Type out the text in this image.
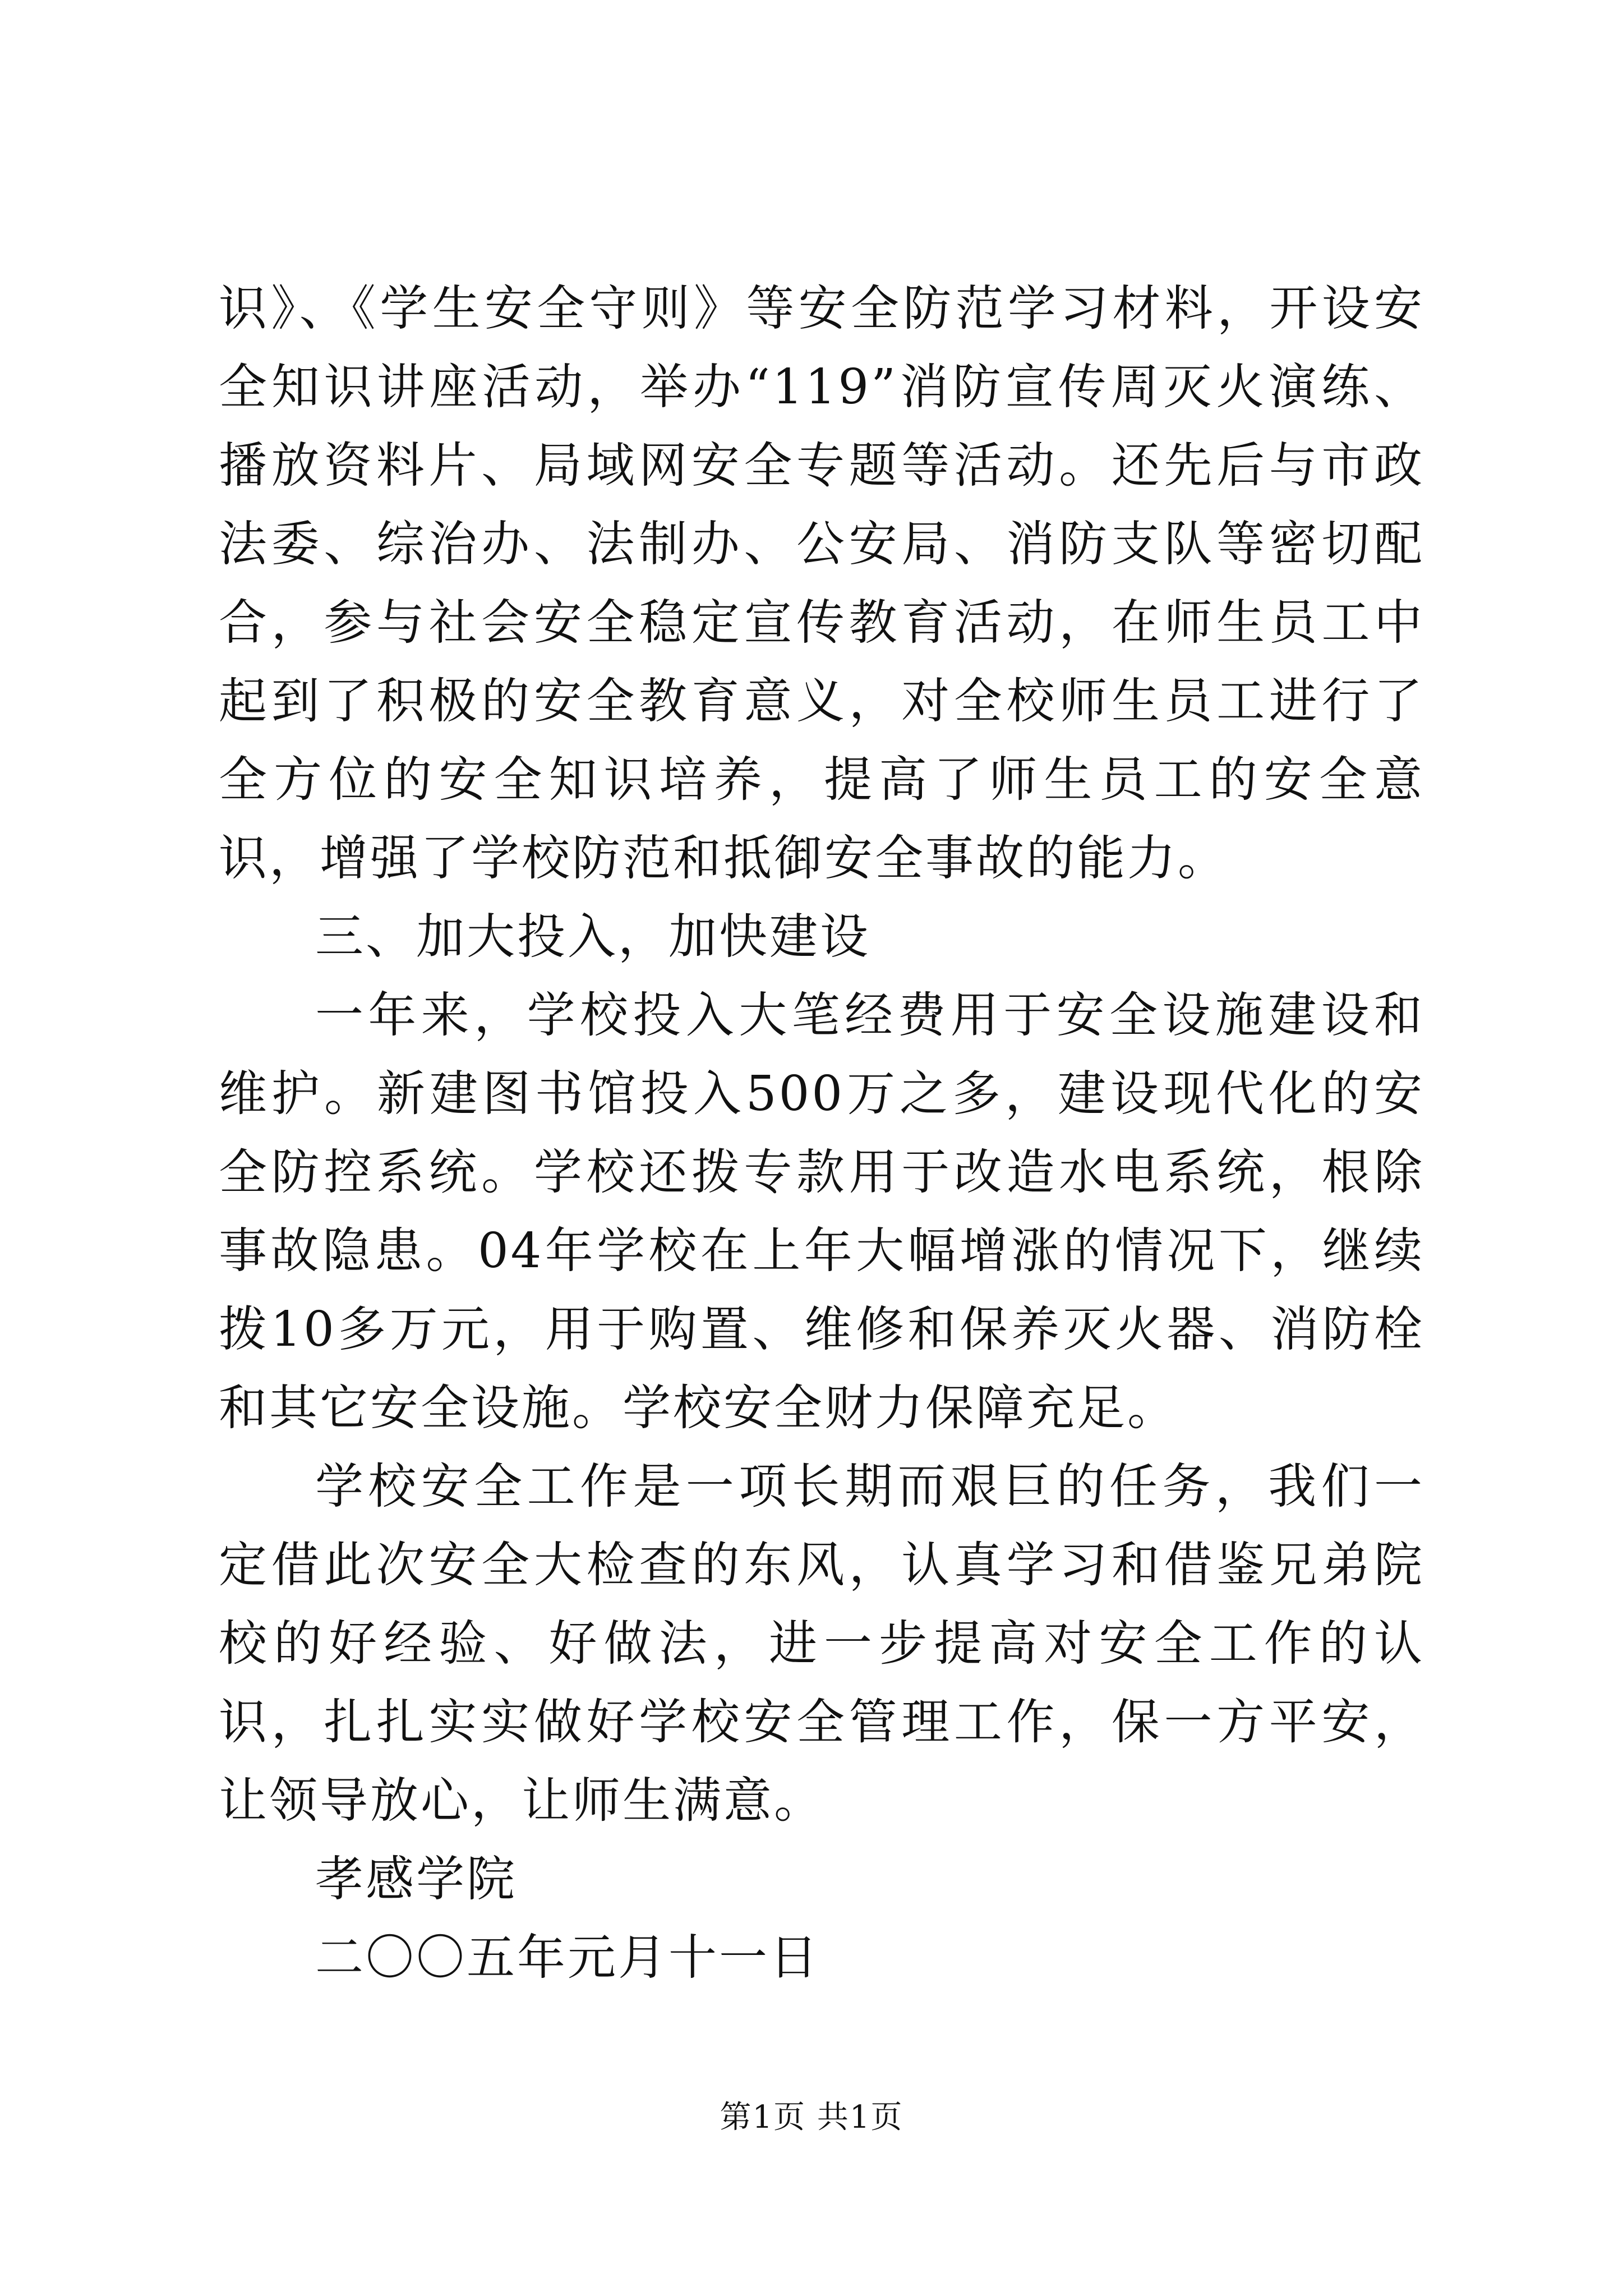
识》、《学生安全守则》等安全防范学习材料，开设安全知识讲座活动，举办“119”消防宣传周灭火演练、播放资料片、局域网安全专题等活动。还先后与市政法委、综治办、法制办、公安局、消防支队等密切配合，参与社会安全稳定宣传教育活动，在师生员工中起到了积极的安全教育意义，对全校师生员工进行了全方位的安全知识培养，提高了师生员工的安全意识，增强了学校防范和抵御安全事故的能力。

三、加大投入，加快建设

一年来，学校投入大笔经费用于安全设施建设和维护。新建图书馆投入500万之多，建设现代化的安全防控系统。学校还拨专款用于改造水电系统，根除事故隐患。04年学校在上年大幅增涨的情况下，继续拨10多万元，用于购置、维修和保养灭火器、消防栓和其它安全设施。学校安全财力保障充足。

学校安全工作是一项长期而艰巨的任务，我们一定借此次安全大检查的东风，认真学习和借鉴兄弟院校的好经验、好做法，进一步提高对安全工作的认识，扎扎实实做好学校安全管理工作，保一方平安，让领导放心，让师生满意。

孝感学院

二〇〇五年元月十一日

第1页 共1页
